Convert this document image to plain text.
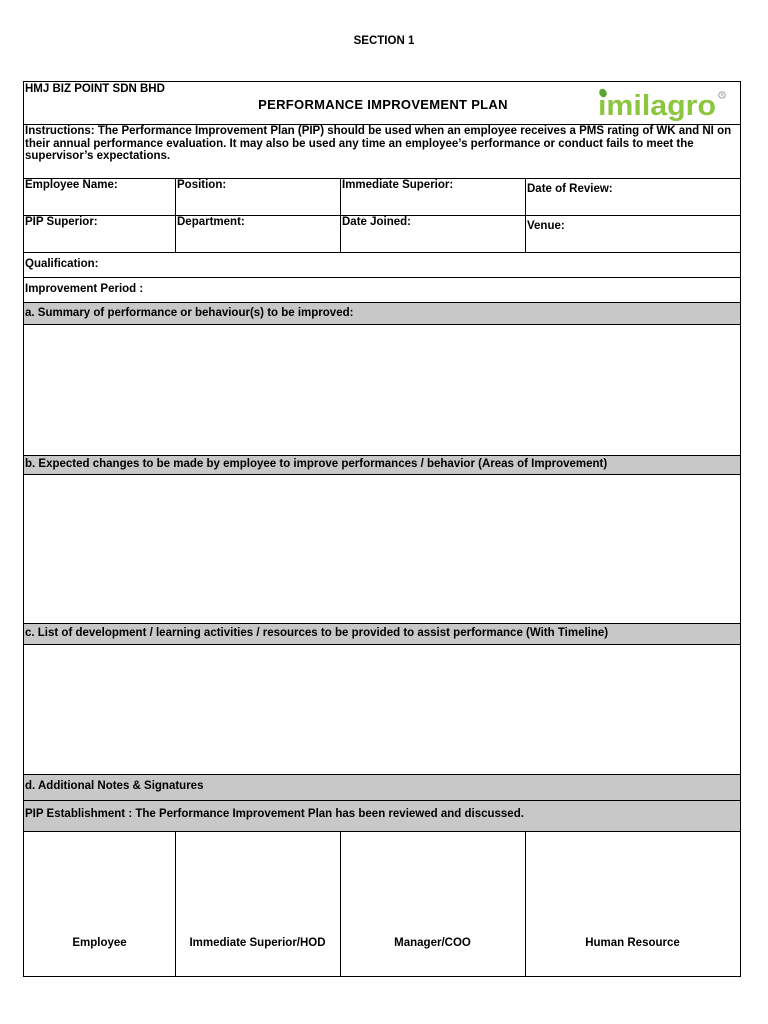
SECTION 1
HMJ BIZ POINT SDN BHD
PERFORMANCE IMPROVEMENT PLAN	ımilagro R
Instructions: The Performance Improvement Plan (PIP) should be used when an employee receives a PMS rating of WK and NI on their annual performance evaluation. It may also be used any time an employee’s performance or conduct fails to meet the supervisor’s expectations.
Employee Name:	Position:	Immediate Superior:	Date of Review:
PIP Superior:	Department:	Date Joined:	Venue:
Qualification:
Improvement Period :
a. Summary of performance or behaviour(s) to be improved:
b. Expected changes to be made by employee to improve performances / behavior (Areas of Improvement)
c. List of development / learning activities / resources to be provided to assist performance (With Timeline)
d. Additional Notes & Signatures
PIP Establishment : The Performance Improvement Plan has been reviewed and discussed.
Employee	Immediate Superior/HOD	Manager/COO	Human Resource
